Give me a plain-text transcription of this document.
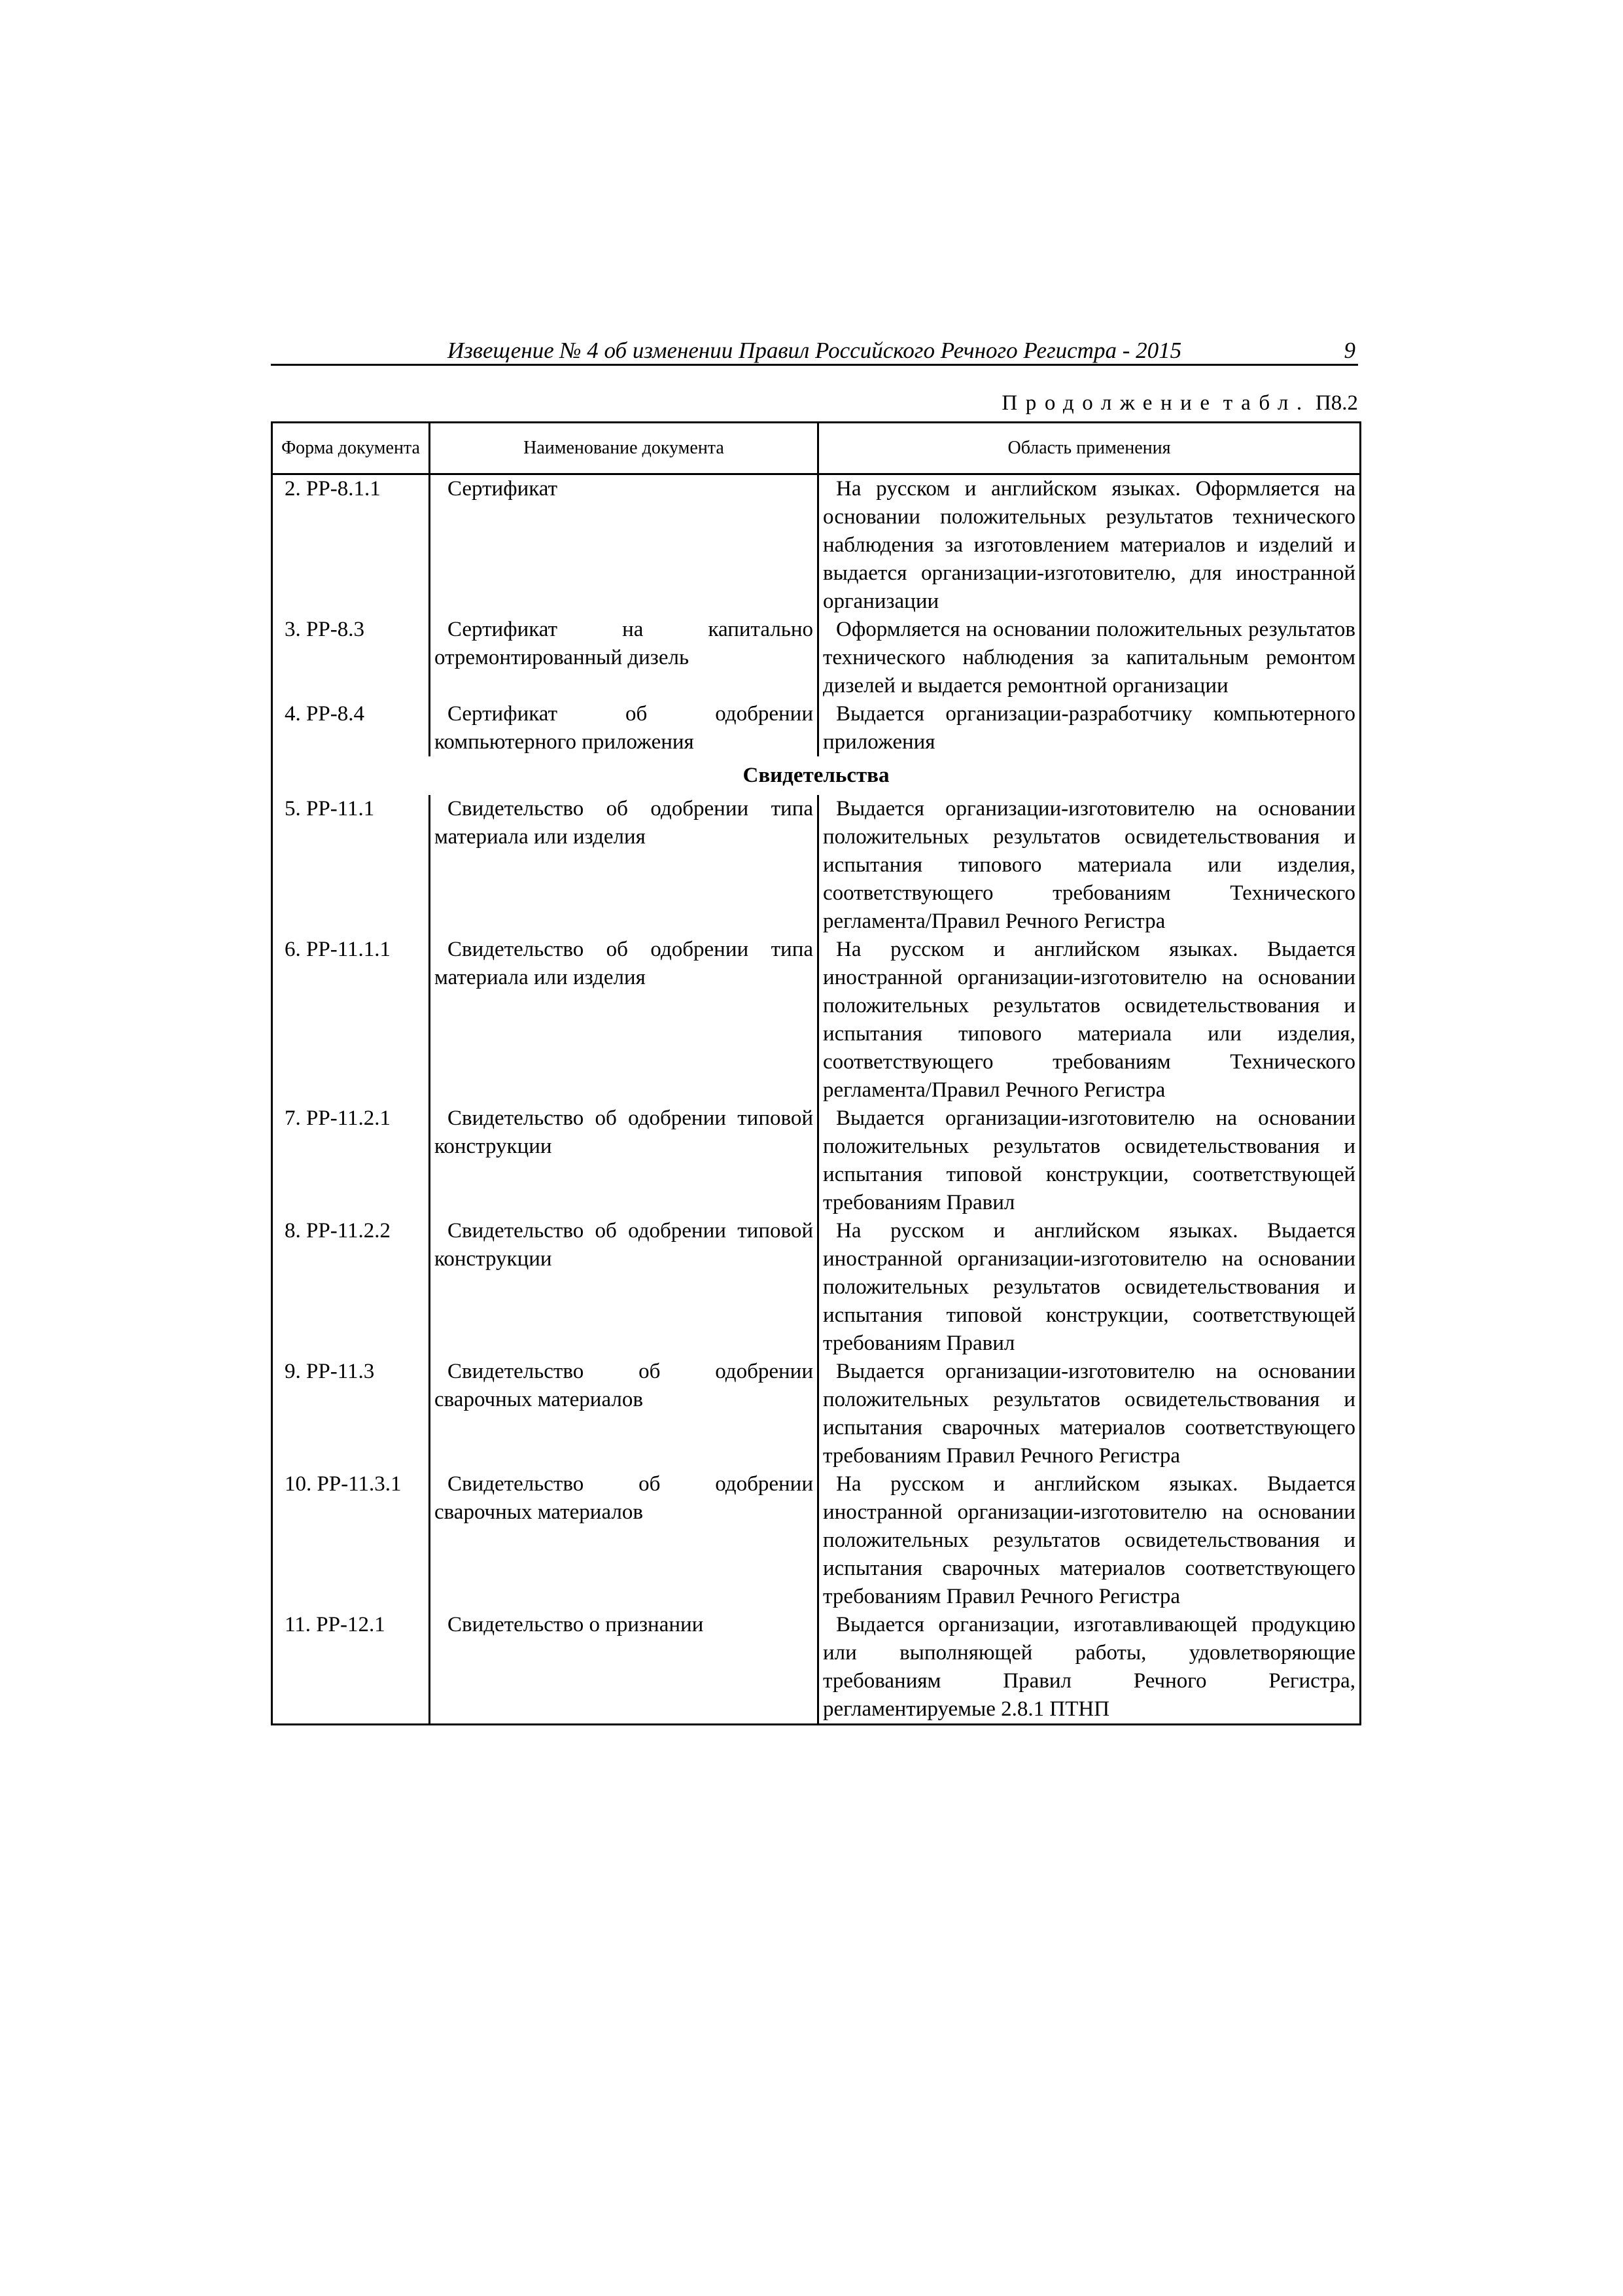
Извещение № 4 об изменении Правил Российского Речного Регистра - 2015	9
Продолжение табл. П8.2
Форма документа	Наименование документа	Область применения
2. РР-8.1.1	Сертификат	На русском и английском языках. Оформляется на основании положительных результатов технического наблюдения за изготовлением материалов и изделий и выдается организации-изготовителю, для иностранной организации

3. РР-8.3	Сертификат на капитально отремонтированный дизель	Оформляется на основании положительных результатов технического наблюдения за капитальным ремонтом дизелей и выдается ремонтной организации

4. РР-8.4	Сертификат об одобрении компьютерного приложения	Выдается организации-разработчику компьютерного приложения

Свидетельства		
5. РР-11.1	Свидетельство об одобрении типа материала или изделия	Выдается организации-изготовителю на основании положительных результатов освидетельствования и испытания типового материала или изделия, соответствующего требованиям Технического регламента/Правил Речного Регистра

6. РР-11.1.1	Свидетельство об одобрении типа материала или изделия	На русском и английском языках. Выдается иностранной организации-изготовителю на основании положительных результатов освидетельствования и испытания типового материала или изделия, соответствующего требованиям Технического регламента/Правил Речного Регистра

7. РР-11.2.1	Свидетельство об одобрении типовой конструкции	Выдается организации-изготовителю на основании положительных результатов освидетельствования и испытания типовой конструкции, соответствующей требованиям Правил

8. РР-11.2.2	Свидетельство об одобрении типовой конструкции	На русском и английском языках. Выдается иностранной организации-изготовителю на основании положительных результатов освидетельствования и испытания типовой конструкции, соответствующей требованиям Правил

9. РР-11.3	Свидетельство об одобрении сварочных материалов	Выдается организации-изготовителю на основании положительных результатов освидетельствования и испытания сварочных материалов соответствующего требованиям Правил Речного Регистра

10. РР-11.3.1	Свидетельство об одобрении сварочных материалов	На русском и английском языках. Выдается иностранной организации-изготовителю на основании положительных результатов освидетельствования и испытания сварочных материалов соответствующего требованиям Правил Речного Регистра

11. РР-12.1	Свидетельство о признании	Выдается организации, изготавливающей продукцию или выполняющей работы, удовлетворяющие требованиям Правил Речного Регистра, регламентируемые 2.8.1 ПТНП
